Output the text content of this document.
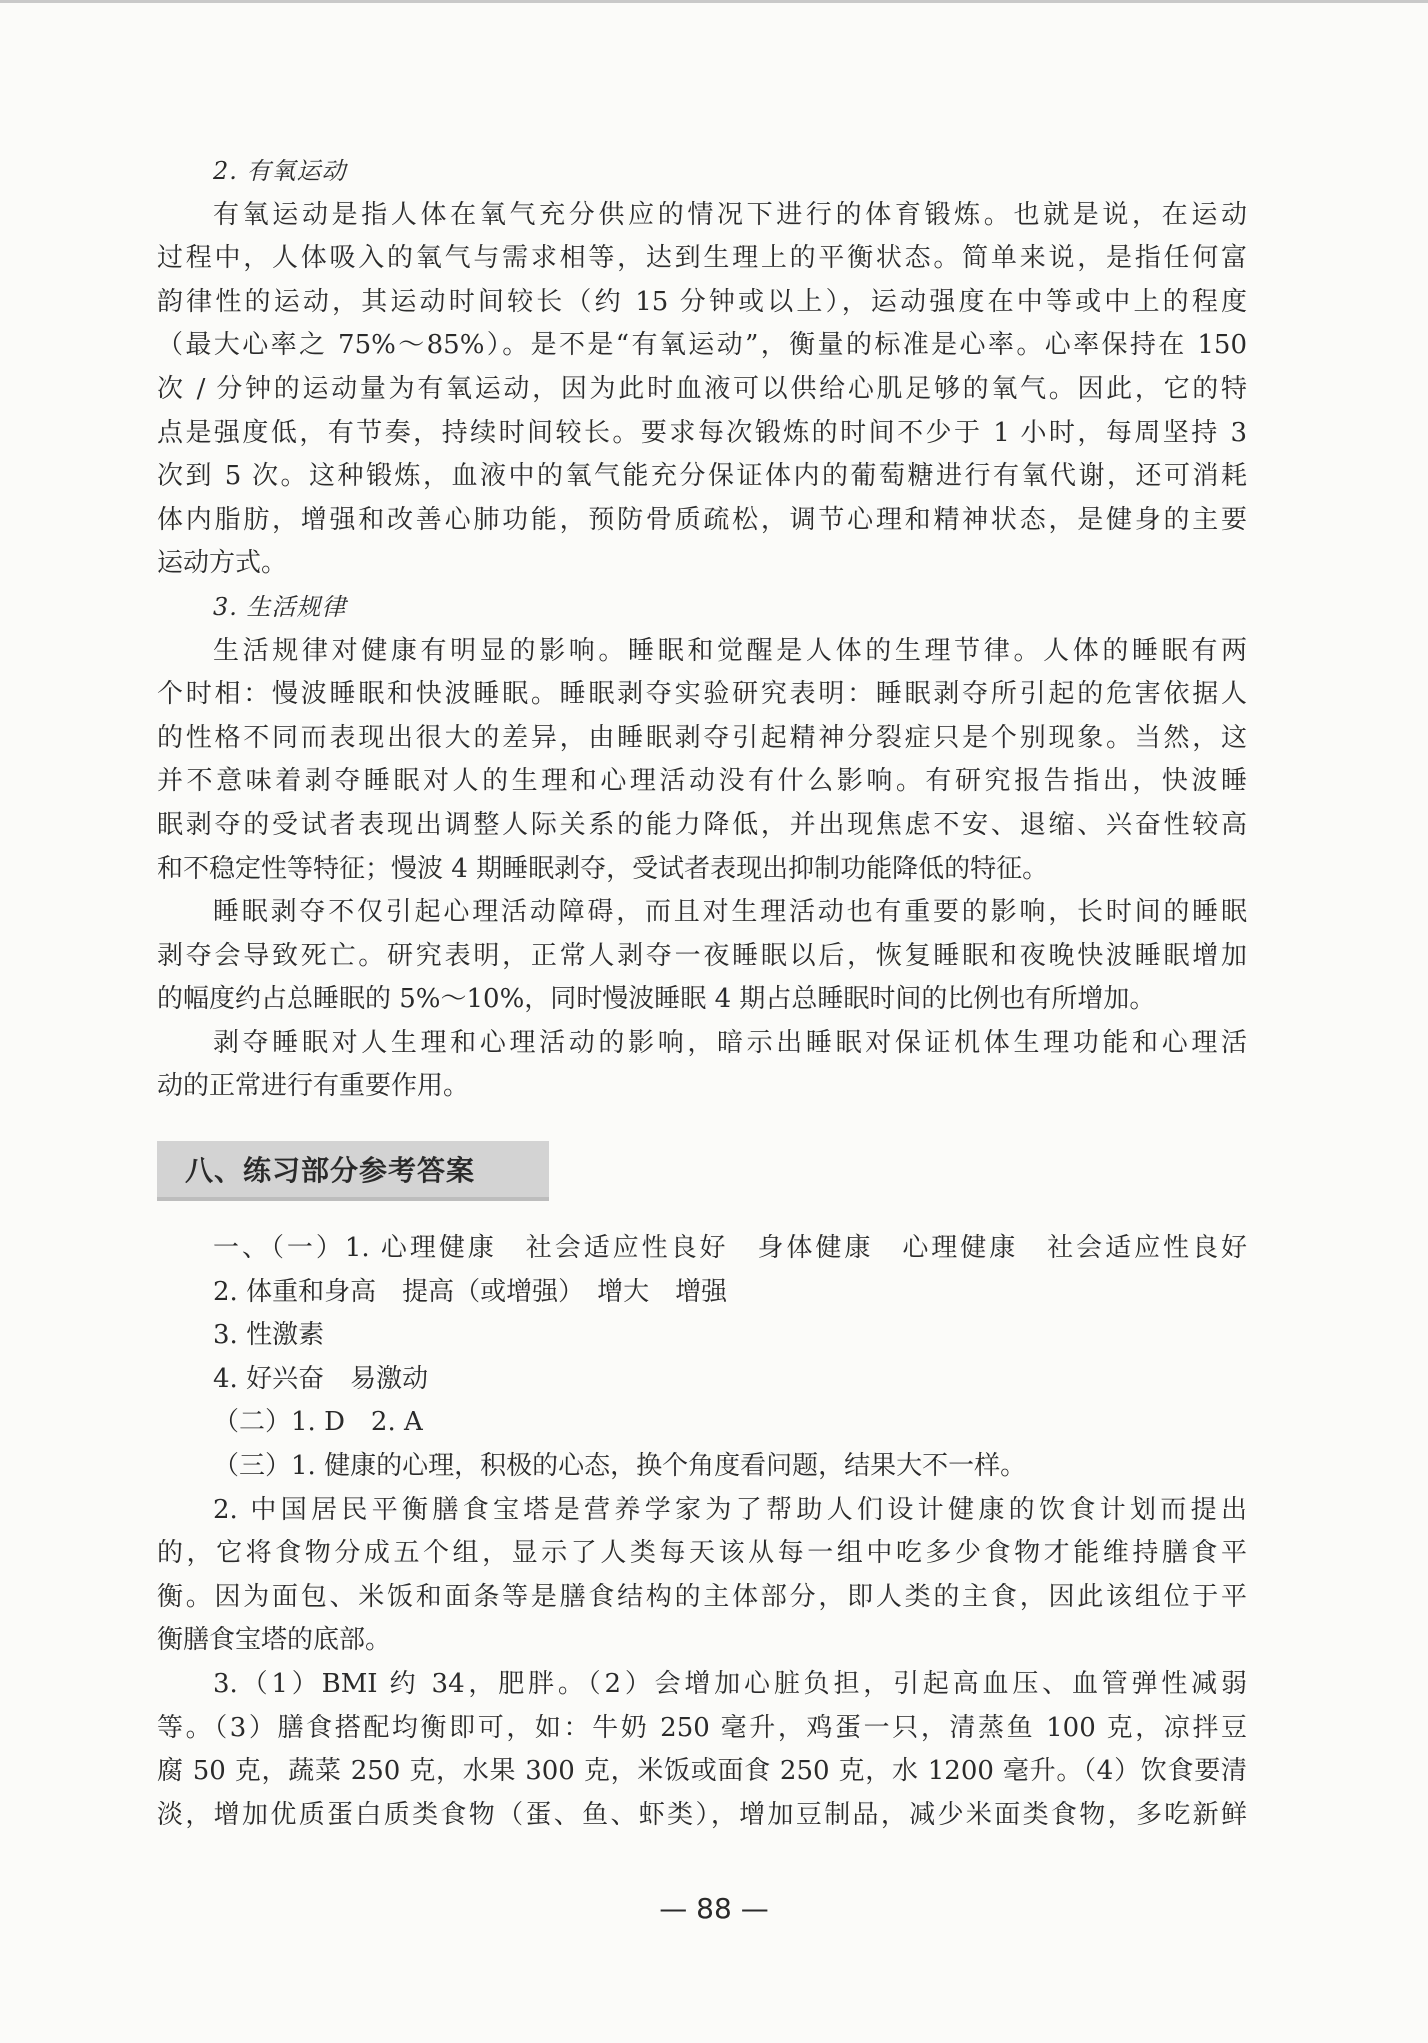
2. 有氧运动
有氧运动是指人体在氧气充分供应的情况下进行的体育锻炼。也就是说，在运动
过程中，人体吸入的氧气与需求相等，达到生理上的平衡状态。简单来说，是指任何富
韵律性的运动，其运动时间较长（约 15 分钟或以上），运动强度在中等或中上的程度
（最大心率之 75%～85%）。是不是“有氧运动”，衡量的标准是心率。心率保持在 150
次 / 分钟的运动量为有氧运动，因为此时血液可以供给心肌足够的氧气。因此，它的特
点是强度低，有节奏，持续时间较长。要求每次锻炼的时间不少于 1 小时，每周坚持 3
次到 5 次。这种锻炼，血液中的氧气能充分保证体内的葡萄糖进行有氧代谢，还可消耗
体内脂肪，增强和改善心肺功能，预防骨质疏松，调节心理和精神状态，是健身的主要
运动方式。
3. 生活规律
生活规律对健康有明显的影响。睡眠和觉醒是人体的生理节律。人体的睡眠有两
个时相：慢波睡眠和快波睡眠。睡眠剥夺实验研究表明：睡眠剥夺所引起的危害依据人
的性格不同而表现出很大的差异，由睡眠剥夺引起精神分裂症只是个别现象。当然，这
并不意味着剥夺睡眠对人的生理和心理活动没有什么影响。有研究报告指出，快波睡
眠剥夺的受试者表现出调整人际关系的能力降低，并出现焦虑不安、退缩、兴奋性较高
和不稳定性等特征；慢波 4 期睡眠剥夺，受试者表现出抑制功能降低的特征。
睡眠剥夺不仅引起心理活动障碍，而且对生理活动也有重要的影响，长时间的睡眠
剥夺会导致死亡。研究表明，正常人剥夺一夜睡眠以后，恢复睡眠和夜晚快波睡眠增加
的幅度约占总睡眠的 5%～10%，同时慢波睡眠 4 期占总睡眠时间的比例也有所增加。
剥夺睡眠对人生理和心理活动的影响，暗示出睡眠对保证机体生理功能和心理活
动的正常进行有重要作用。
八、练习部分参考答案
一、（一）1. 心理健康　社会适应性良好　身体健康　心理健康　社会适应性良好
2. 体重和身高　提高（或增强）　增大　增强
3. 性激素
4. 好兴奋　易激动
（二）1. D　2. A
（三）1. 健康的心理，积极的心态，换个角度看问题，结果大不一样。
2. 中国居民平衡膳食宝塔是营养学家为了帮助人们设计健康的饮食计划而提出
的，它将食物分成五个组，显示了人类每天该从每一组中吃多少食物才能维持膳食平
衡。因为面包、米饭和面条等是膳食结构的主体部分，即人类的主食，因此该组位于平
衡膳食宝塔的底部。
3.（1）BMI 约 34，肥胖。（2）会增加心脏负担，引起高血压、血管弹性减弱
等。（3）膳食搭配均衡即可，如：牛奶 250 毫升，鸡蛋一只，清蒸鱼 100 克，凉拌豆
腐 50 克，蔬菜 250 克，水果 300 克，米饭或面食 250 克，水 1200 毫升。（4）饮食要清
淡，增加优质蛋白质类食物（蛋、鱼、虾类），增加豆制品，减少米面类食物，多吃新鲜
— 88 —
